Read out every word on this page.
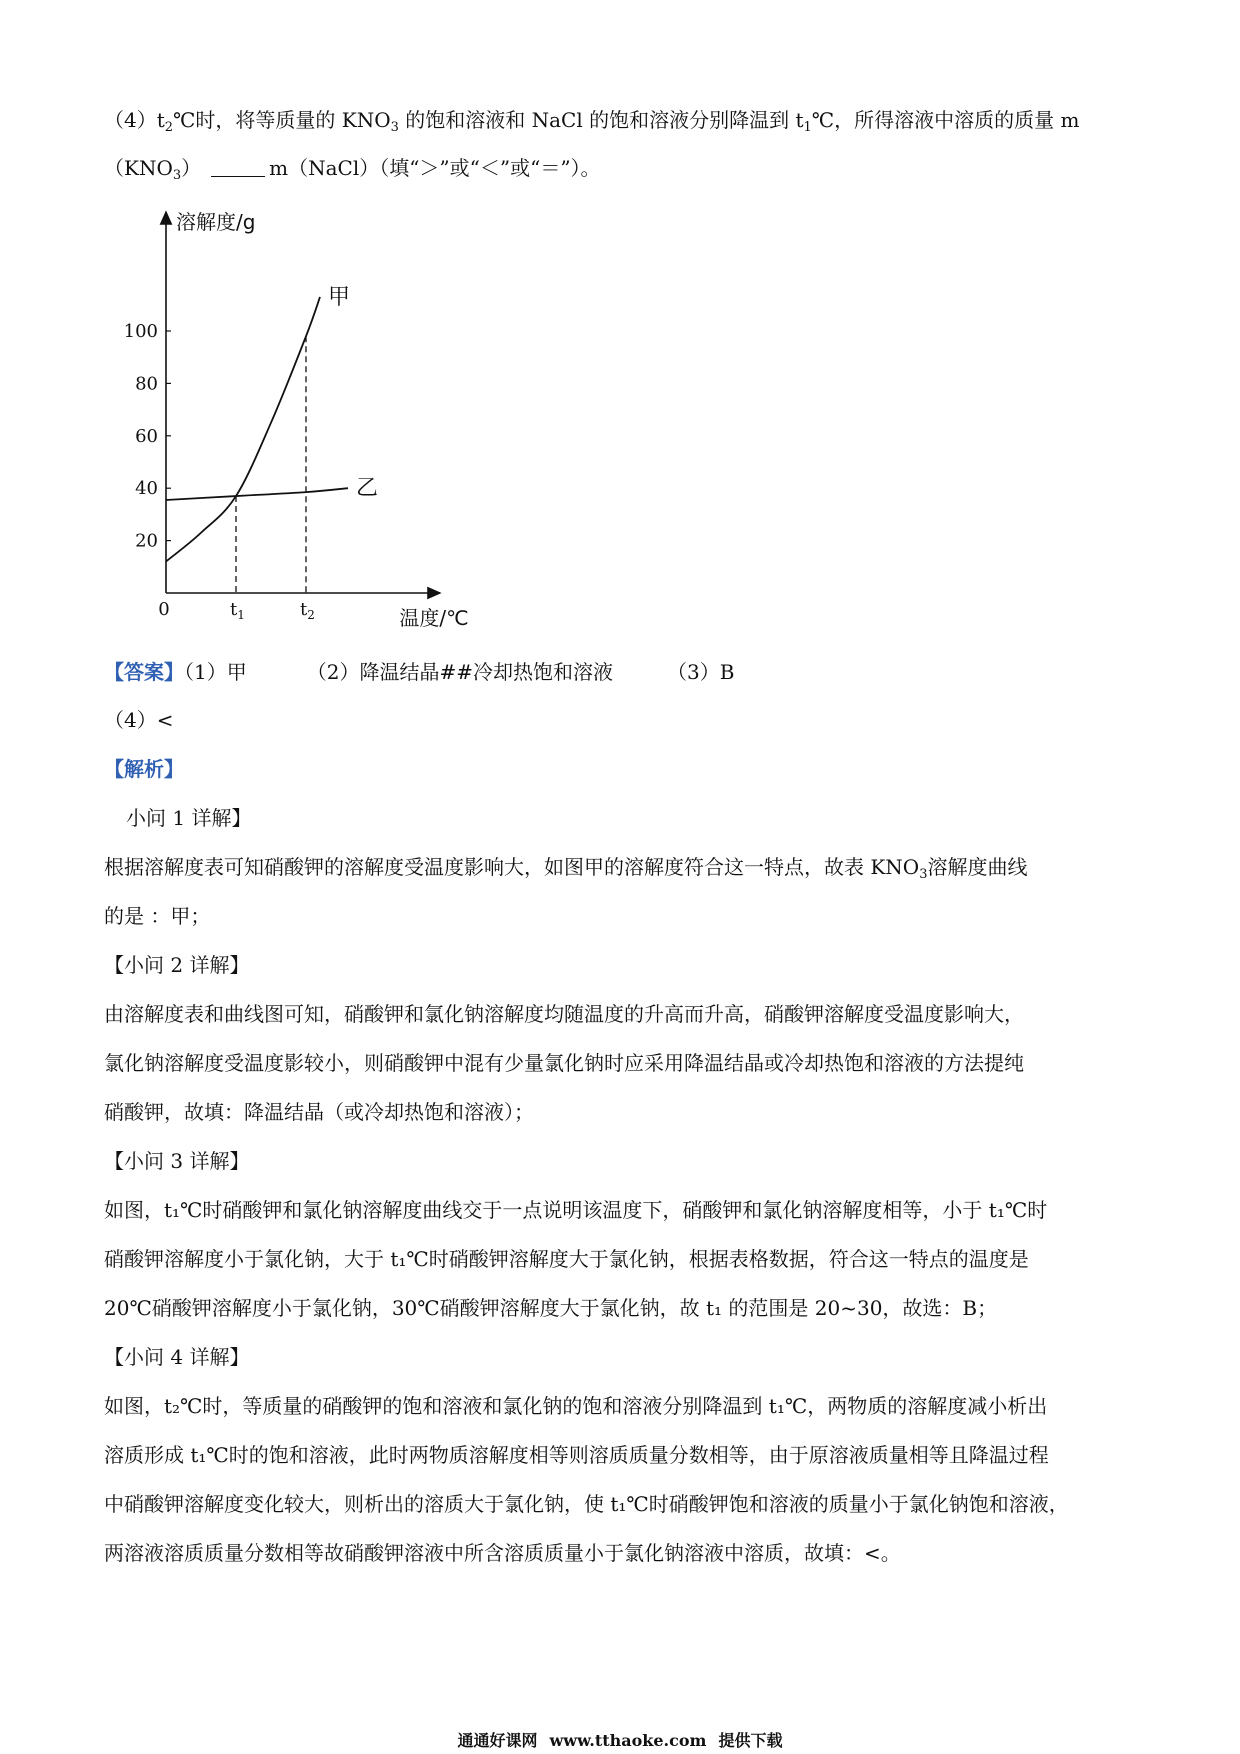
$(4)t_2℃$时，将等质量的 $KNO_3$ 的饱和溶液和 NaCl 的饱和溶液分别降温到 $t_1℃$，所得溶液中溶质的质量 m
$(KNO_3)$	m（NaCl）（填“＞”或“＜”或“＝”）。
20
40
60
80
100
0
溶解度/g
温度/℃
$t_1$	$t_2$
甲
乙
【答案】（1）甲	（2）降温结晶##冷却热饱和溶液	（3）B
（4）<
【解析】
小问 1 详解】
根据溶解度表可知硝酸钾的溶解度受温度影响大，如图甲的溶解度符合这一特点，故表 $KNO_3$溶解度曲线
的是 ：甲；
【小问 2 详解】
由溶解度表和曲线图可知，硝酸钾和氯化钠溶解度均随温度的升高而升高，硝酸钾溶解度受温度影响大，
氯化钠溶解度受温度影较小，则硝酸钾中混有少量氯化钠时应采用降温结晶或冷却热饱和溶液的方法提纯
硝酸钾，故填：降温结晶（或冷却热饱和溶液）；
【小问 3 详解】
如图，t₁℃时硝酸钾和氯化钠溶解度曲线交于一点说明该温度下，硝酸钾和氯化钠溶解度相等，小于 t₁℃时
硝酸钾溶解度小于氯化钠，大于 t₁℃时硝酸钾溶解度大于氯化钠，根据表格数据，符合这一特点的温度是
20℃硝酸钾溶解度小于氯化钠，30℃硝酸钾溶解度大于氯化钠，故 t₁ 的范围是 20~30，故选：B；
【小问 4 详解】
如图，t₂℃时，等质量的硝酸钾的饱和溶液和氯化钠的饱和溶液分别降温到 t₁℃，两物质的溶解度减小析出
溶质形成 t₁℃时的饱和溶液，此时两物质溶解度相等则溶质质量分数相等，由于原溶液质量相等且降温过程
中硝酸钾溶解度变化较大，则析出的溶质大于氯化钠，使 t₁℃时硝酸钾饱和溶液的质量小于氯化钠饱和溶液，
两溶液溶质质量分数相等故硝酸钾溶液中所含溶质质量小于氯化钠溶液中溶质，故填：<。
通通好课网 www.tthaoke.com 提供下载
